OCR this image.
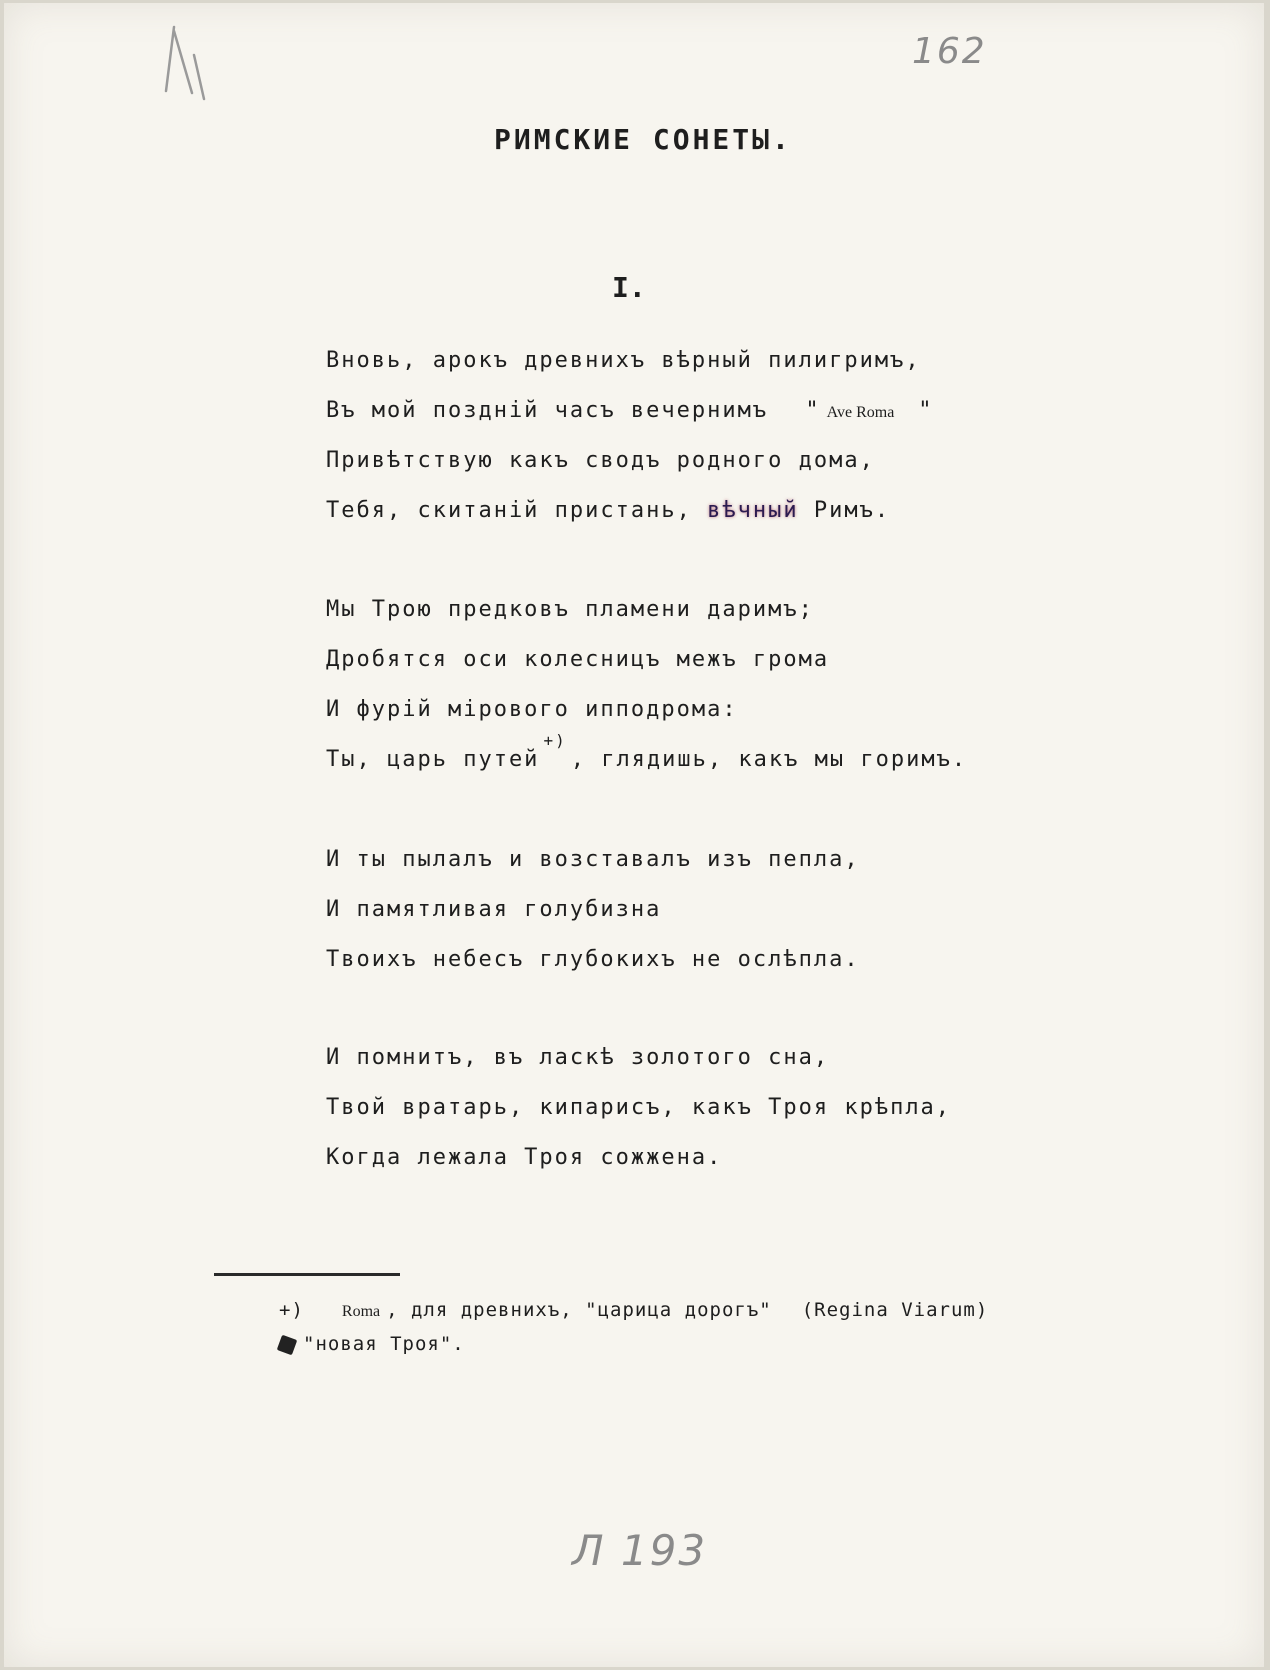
162
РИМСКИЕ СОНЕТЫ.
I.
Вновь, арокъ древнихъ вѣрный пилигримъ,
Въ мой поздній часъ вечернимъ " Ave Roma "
Привѣтствую какъ сводъ родного дома,
Тебя, скитаній пристань, вѣчный Римъ.
Мы Трою предковъ пламени даримъ;
Дробятся оси колесницъ межъ грома
И фурій мірового ипподрома:
Ты, царь путей+), глядишь, какъ мы горимъ.
И ты пылалъ и возставалъ изъ пепла,
И памятливая голубизна
Твоихъ небесъ глубокихъ не ослѣпла.
И помнитъ, въ ласкѣ золотого сна,
Твой вратарь, кипарисъ, какъ Троя крѣпла,
Когда лежала Троя сожжена.
+) Roma , для древнихъ, "царица дорогъ" (Regina Viarum)
"новая Троя".
Л 193
